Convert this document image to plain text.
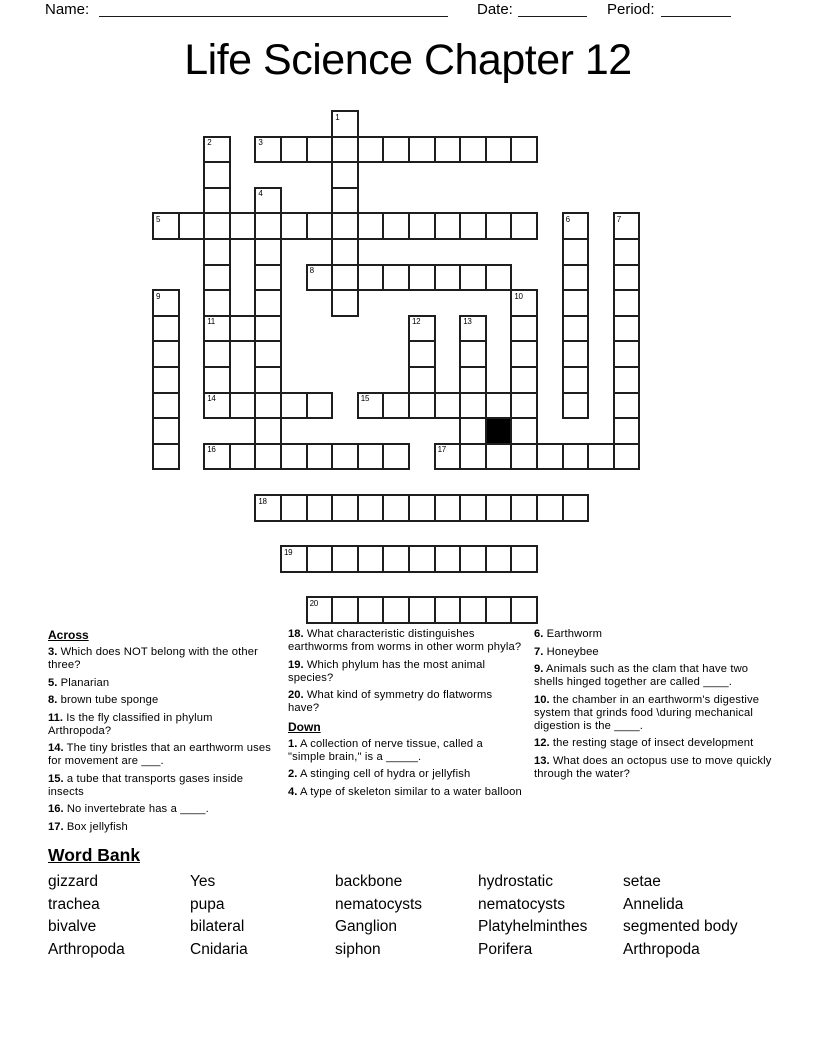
Name:	Date:	Period:
Life Science Chapter 12
1
2
11
14
3
4
5	6	7
8
9	10
12	13
15
16	17
18
19
20
Across
3. Which does NOT belong with the other three?
5. Planarian
8. brown tube sponge
11. Is the fly classified in phylum Arthropoda?
14. The tiny bristles that an earthworm uses for movement are ___.
15. a tube that transports gases inside insects
16. No invertebrate has a ____.
17. Box jellyfish
18. What characteristic distinguishes earthworms from worms in other worm phyla?
19. Which phylum has the most animal species?
20. What kind of symmetry do flatworms have?
Down
1. A collection of nerve tissue, called a "simple brain," is a _____.
2. A stinging cell of hydra or jellyfish
4. A type of skeleton similar to a water balloon
6. Earthworm
7. Honeybee
9. Animals such as the clam that have two shells hinged together are called ____.
10. the chamber in an earthworm's digestive system that grinds food \during mechanical digestion is the ____.
12. the resting stage of insect development
13. What does an octopus use to move quickly through the water?
Word Bank
gizzard	Yes	backbone	hydrostatic	setae
trachea	pupa	nematocysts	nematocysts	Annelida
bivalve	bilateral	Ganglion	Platyhelminthes	segmented body
Arthropoda	Cnidaria	siphon	Porifera	Arthropoda
